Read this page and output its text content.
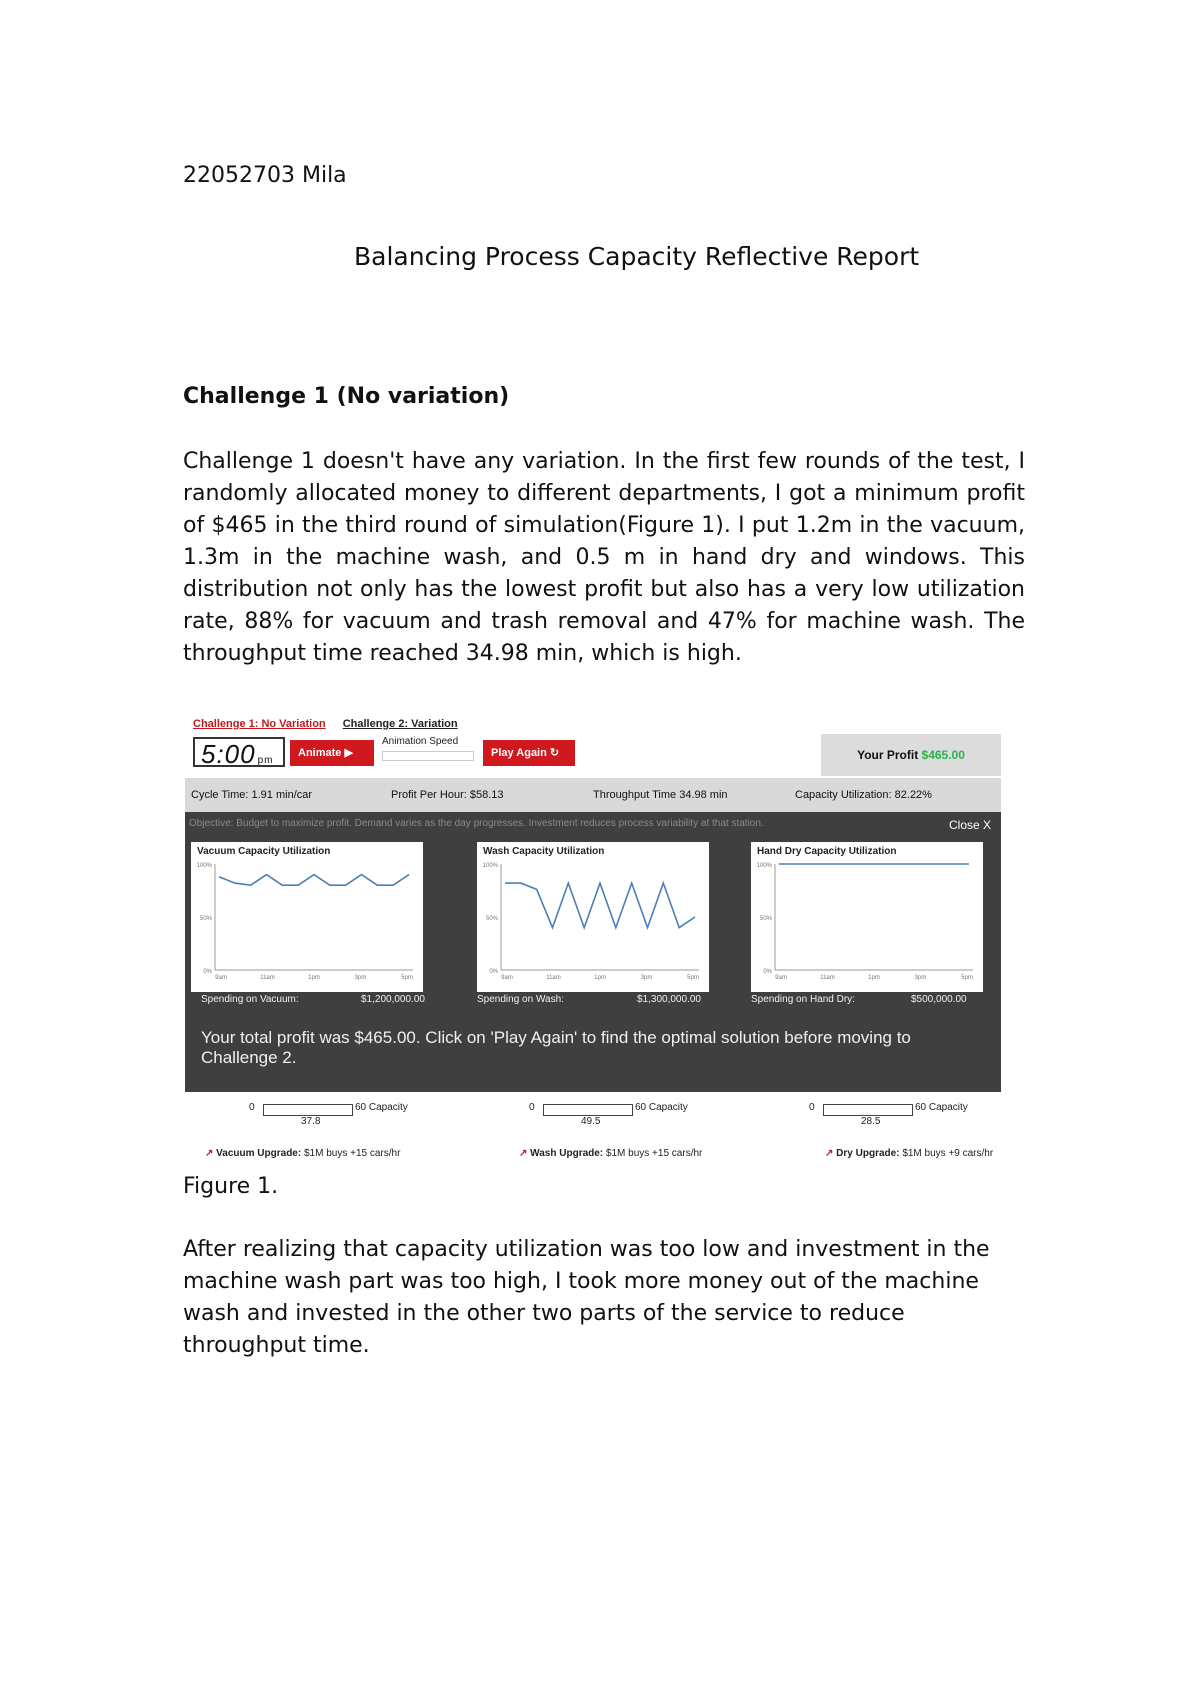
22052703 Mila
Balancing Process Capacity Reflective Report
Challenge 1 (No variation)
Challenge 1 doesn't have any variation. In the first few rounds of the test, I randomly allocated money to different departments, I got a minimum profit of $465 in the third round of simulation(Figure 1). I put 1.2m in the vacuum, 1.3m in the machine wash, and 0.5 m in hand dry and windows. This distribution not only has the lowest profit but also has a very low utilization rate, 88% for vacuum and trash removal and 47% for machine wash. The throughput time reached 34.98 min, which is high.
Challenge 1: No Variation Challenge 2: Variation
5:00 pm
Animate ▶
Animation Speed
Play Again ↻	Your Profit $465.00
Cycle Time: 1.91 min/car	Profit Per Hour: $58.13	Throughput Time 34.98 min	Capacity Utilization: 82.22%
Objective: Budget to maximize profit. Demand varies as the day progresses. Investment reduces process variability at that station.	Close X
100%
50%
0%
9am	11am	1pm	3pm	5pm
Vacuum Capacity Utilization
100%
50%
0%
9am	11am	1pm	3pm	5pm
Wash Capacity Utilization
100%
50%
0%
9am	11am	1pm	3pm	5pm
Hand Dry Capacity Utilization
Spending on Vacuum:	$1,200,000.00	Spending on Wash:	$1,300,000.00	Spending on Hand Dry:	$500,000.00
Your total profit was $465.00. Click on 'Play Again' to find the optimal solution before moving to Challenge 2.
0	60 Capacity
37.8
0	60 Capacity
49.5
0	60 Capacity
28.5
↗ Vacuum Upgrade: $1M buys +15 cars/hr	↗ Wash Upgrade: $1M buys +15 cars/hr	↗ Dry Upgrade: $1M buys +9 cars/hr
Figure 1.
After realizing that capacity utilization was too low and investment in the machine wash part was too high, I took more money out of the machine wash and invested in the other two parts of the service to reduce throughput time.
